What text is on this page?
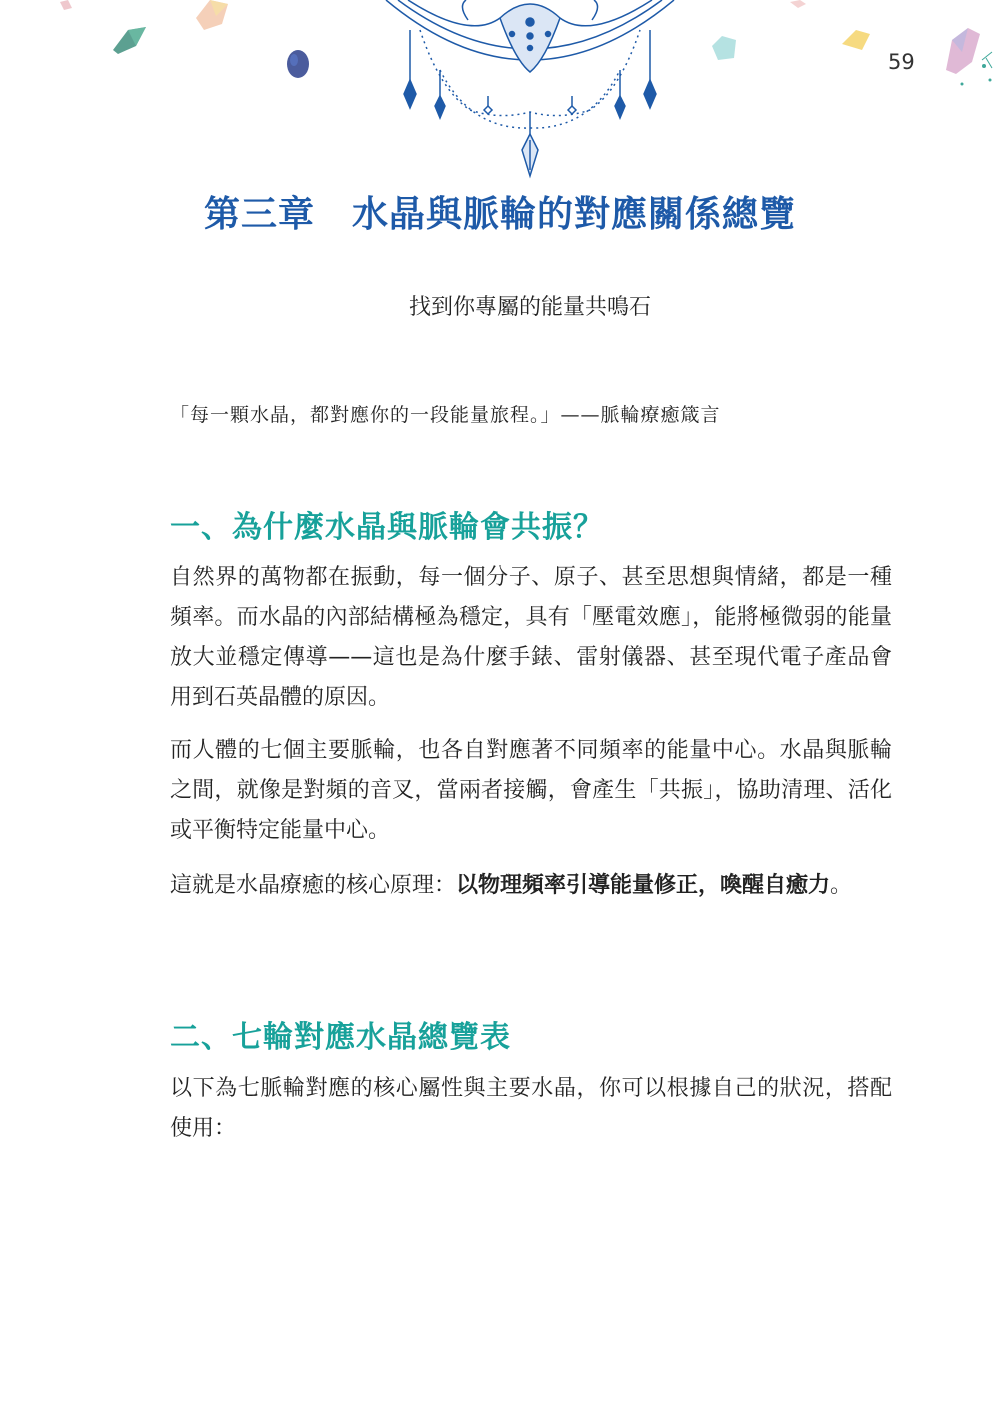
59
第三章　水晶與脈輪的對應關係總覽
找到你專屬的能量共鳴石
「每一顆水晶，都對應你的一段能量旅程。」——脈輪療癒箴言
一、為什麼水晶與脈輪會共振？

自然界的萬物都在振動，每一個分子、原子、甚至思想與情緒，都是一種頻率。而水晶的內部結構極為穩定，具有「壓電效應」，能將極微弱的能量放大並穩定傳導——這也是為什麼手錶、雷射儀器、甚至現代電子產品會用到石英晶體的原因。

而人體的七個主要脈輪，也各自對應著不同頻率的能量中心。水晶與脈輪之間，就像是對頻的音叉，當兩者接觸，會產生「共振」，協助清理、活化或平衡特定能量中心。

這就是水晶療癒的核心原理：以物理頻率引導能量修正，喚醒自癒力。

二、七輪對應水晶總覽表

以下為七脈輪對應的核心屬性與主要水晶，你可以根據自己的狀況，搭配使用：
